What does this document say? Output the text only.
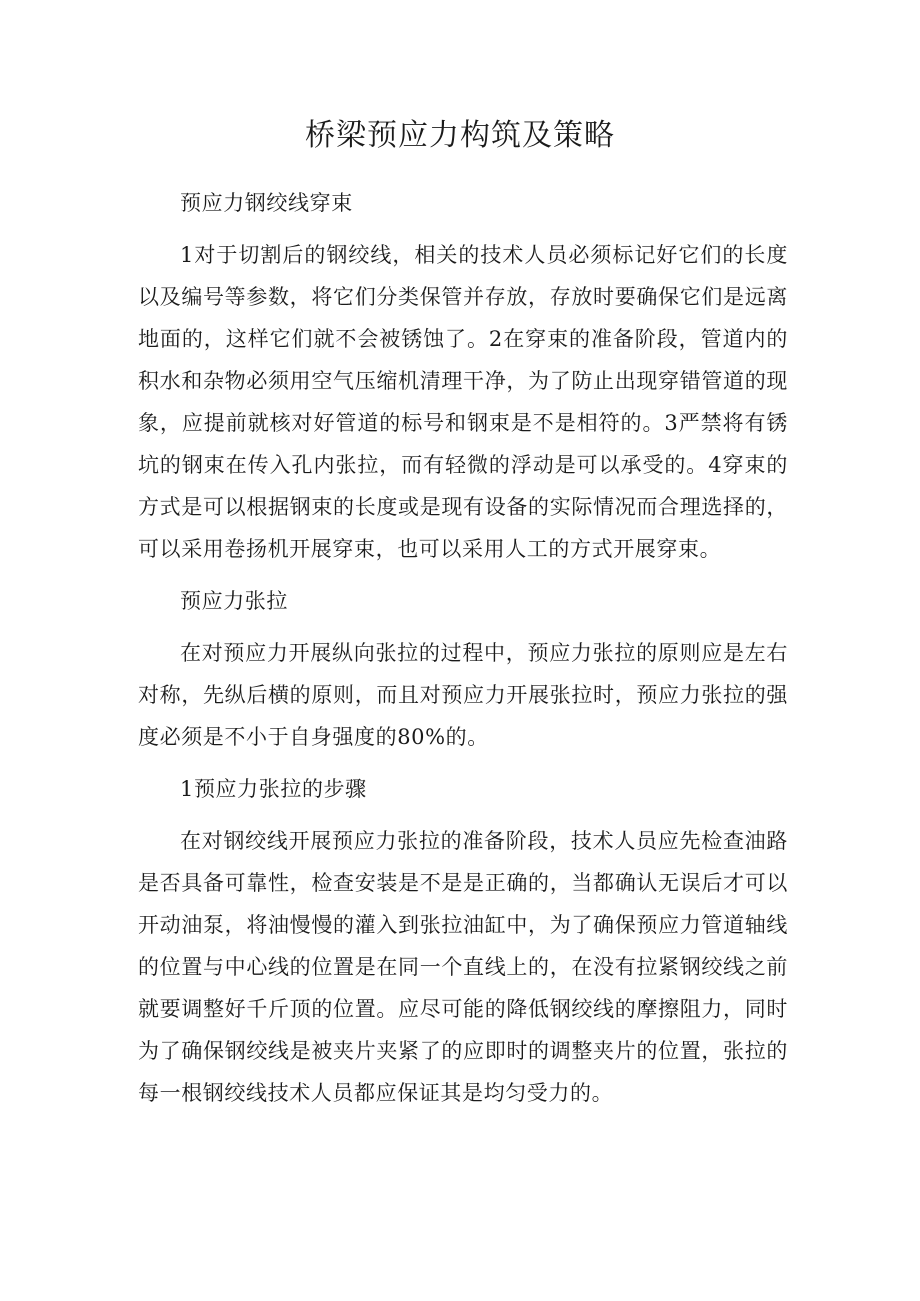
桥梁预应力构筑及策略
预应力钢绞线穿束

1对于切割后的钢绞线，相关的技术人员必须标记好它们的长度以及编号等参数，将它们分类保管并存放，存放时要确保它们是远离地面的，这样它们就不会被锈蚀了。2在穿束的准备阶段，管道内的积水和杂物必须用空气压缩机清理干净，为了防止出现穿错管道的现象，应提前就核对好管道的标号和钢束是不是相符的。3严禁将有锈坑的钢束在传入孔内张拉，而有轻微的浮动是可以承受的。4穿束的方式是可以根据钢束的长度或是现有设备的实际情况而合理选择的，可以采用卷扬机开展穿束，也可以采用人工的方式开展穿束。

预应力张拉

在对预应力开展纵向张拉的过程中，预应力张拉的原则应是左右对称，先纵后横的原则，而且对预应力开展张拉时，预应力张拉的强度必须是不小于自身强度的80%的。

1预应力张拉的步骤

在对钢绞线开展预应力张拉的准备阶段，技术人员应先检查油路是否具备可靠性，检查安装是不是是正确的，当都确认无误后才可以开动油泵，将油慢慢的灌入到张拉油缸中，为了确保预应力管道轴线的位置与中心线的位置是在同一个直线上的，在没有拉紧钢绞线之前就要调整好千斤顶的位置。应尽可能的降低钢绞线的摩擦阻力，同时为了确保钢绞线是被夹片夹紧了的应即时的调整夹片的位置，张拉的每一根钢绞线技术人员都应保证其是均匀受力的。
